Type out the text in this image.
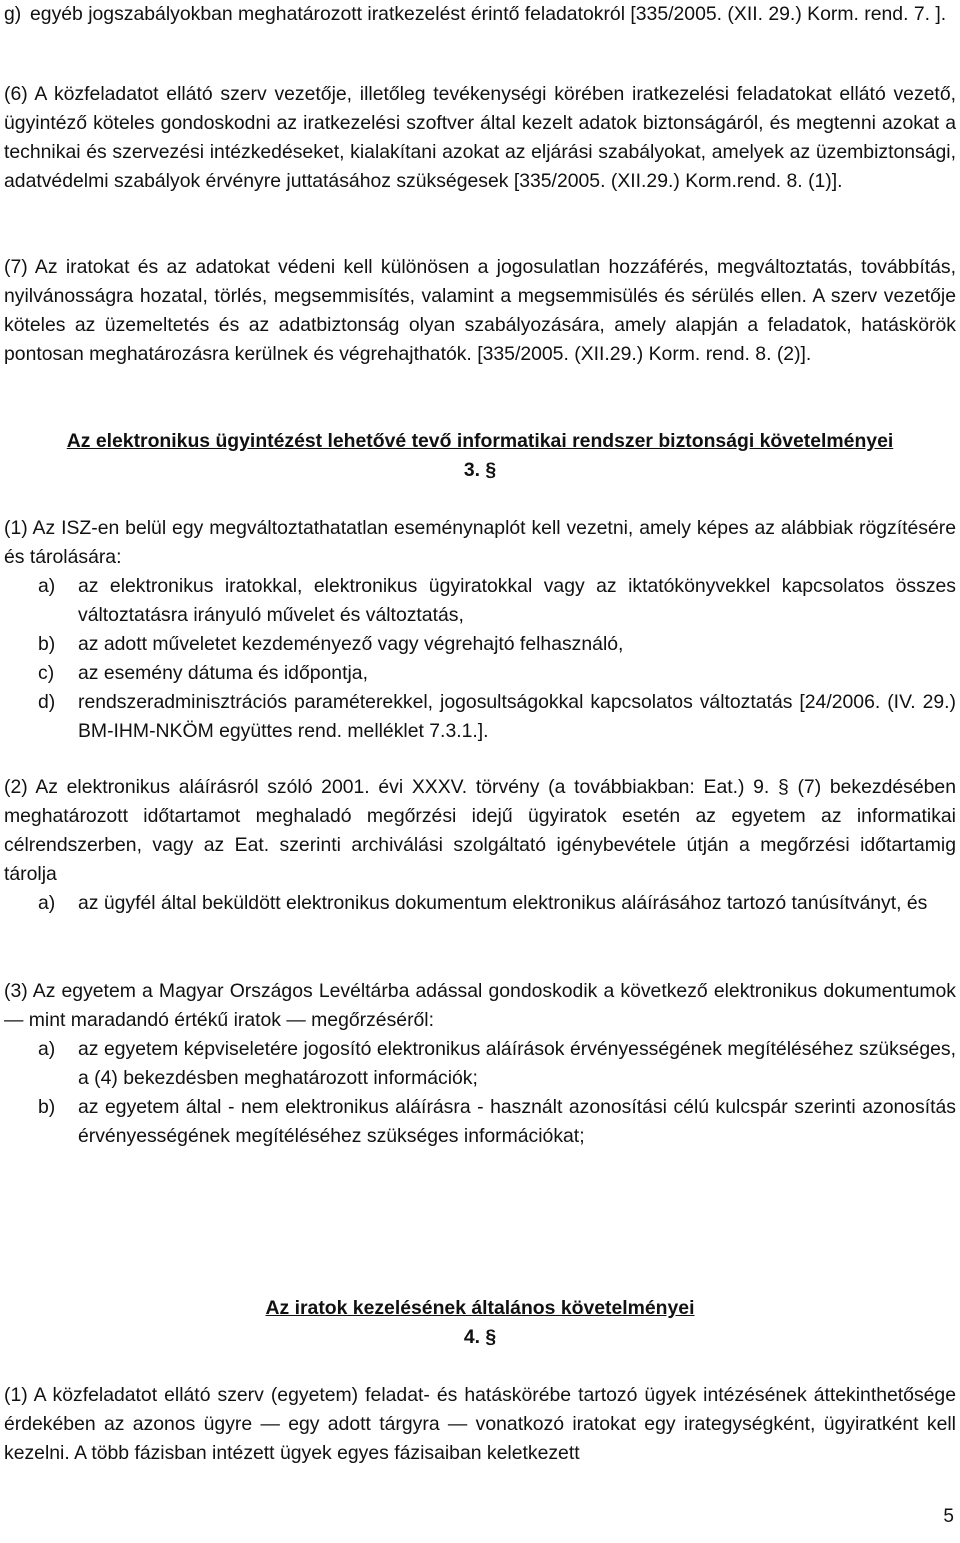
g) egyéb jogszabályokban meghatározott iratkezelést érintő feladatokról [335/2005. (XII. 29.) Korm. rend. 7. ].

(6) A közfeladatot ellátó szerv vezetője, illetőleg tevékenységi körében iratkezelési feladatokat ellátó vezető, ügyintéző köteles gondoskodni az iratkezelési szoftver által kezelt adatok biztonságáról, és megtenni azokat a technikai és szervezési intézkedéseket, kialakítani azokat az eljárási szabályokat, amelyek az üzembiztonsági, adatvédelmi szabályok érvényre juttatásához szükségesek [335/2005. (XII.29.) Korm.rend. 8. (1)].

(7) Az iratokat és az adatokat védeni kell különösen a jogosulatlan hozzáférés, megváltoztatás, továbbítás, nyilvánosságra hozatal, törlés, megsemmisítés, valamint a megsemmisülés és sérülés ellen. A szerv vezetője köteles az üzemeltetés és az adatbiztonság olyan szabályozására, amely alapján a feladatok, hatáskörök pontosan meghatározásra kerülnek és végrehajthatók. [335/2005. (XII.29.) Korm. rend. 8. (2)].

Az elektronikus ügyintézést lehetővé tevő informatikai rendszer biztonsági követelményei

3. §

(1) Az ISZ-en belül egy megváltoztathatatlan eseménynaplót kell vezetni, amely képes az alábbiak rögzítésére és tárolására:

a)	az elektronikus iratokkal, elektronikus ügyiratokkal vagy az iktatókönyvekkel kapcsolatos összes változtatásra irányuló művelet és változtatás,
b)	az adott műveletet kezdeményező vagy végrehajtó felhasználó,
c)	az esemény dátuma és időpontja,
d)	rendszeradminisztrációs paraméterekkel, jogosultságokkal kapcsolatos változtatás [24/2006. (IV. 29.) BM-IHM-NKÖM együttes rend. melléklet 7.3.1.].

(2) Az elektronikus aláírásról szóló 2001. évi XXXV. törvény (a továbbiakban: Eat.) 9. § (7) bekezdésében meghatározott időtartamot meghaladó megőrzési idejű ügyiratok esetén az egyetem az informatikai célrendszerben, vagy az Eat. szerinti archiválási szolgáltató igénybevétele útján a megőrzési időtartamig tárolja

a)	az ügyfél által beküldött elektronikus dokumentum elektronikus aláírásához tartozó tanúsítványt, és

(3) Az egyetem a Magyar Országos Levéltárba adással gondoskodik a következő elektronikus dokumentumok — mint maradandó értékű iratok — megőrzéséről:

a)	az egyetem képviseletére jogosító elektronikus aláírások érvényességének megítéléséhez szükséges, a (4) bekezdésben meghatározott információk;
b)	az egyetem által - nem elektronikus aláírásra - használt azonosítási célú kulcspár szerinti azonosítás érvényességének megítéléséhez szükséges információkat;

Az iratok kezelésének általános követelményei

4. §

(1) A közfeladatot ellátó szerv (egyetem) feladat- és hatáskörébe tartozó ügyek intézésének áttekinthetősége érdekében az azonos ügyre — egy adott tárgyra — vonatkozó iratokat egy irategységként, ügyiratként kell kezelni. A több fázisban intézett ügyek egyes fázisaiban keletkezett

5
